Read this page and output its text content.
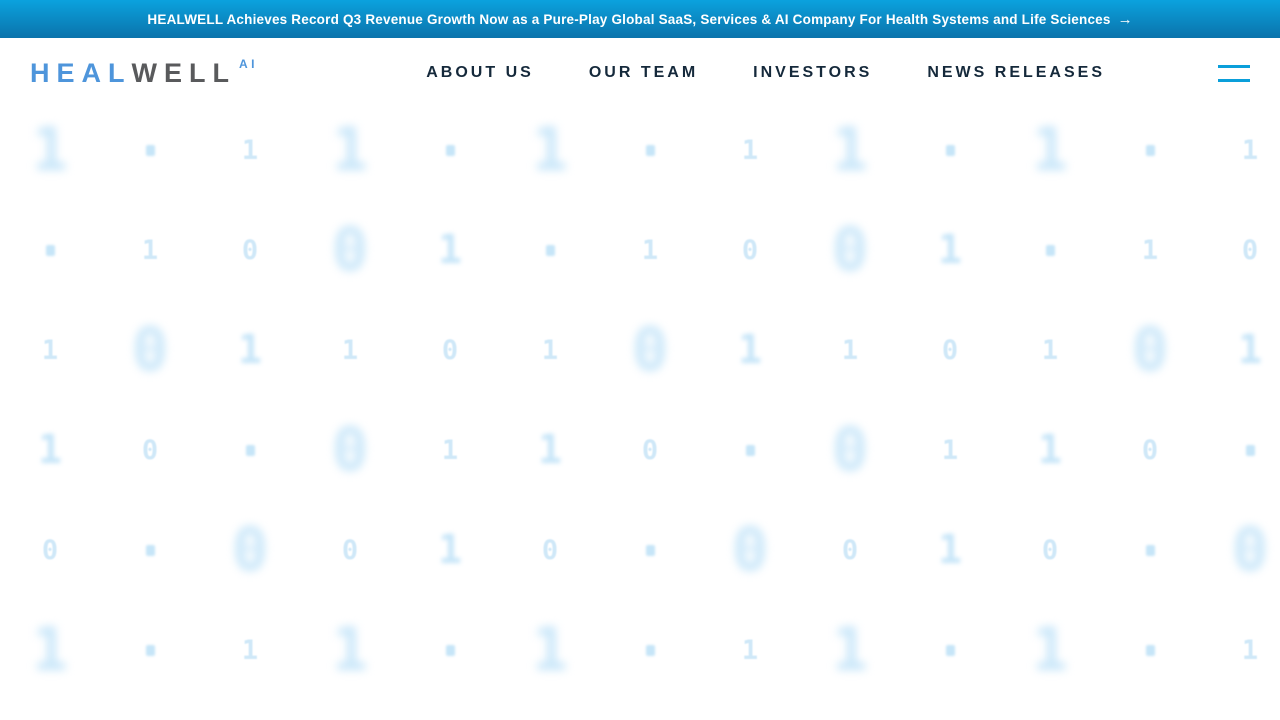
1	1 1	1	1 1	1	1
1	0 0 1	1	0 0 1	1	0
1 0 1	1	0	1 0 1	1	0	1 0 1
1	0	0	1 1	0	0	1 1	0
0	0	0 1	0	0	0 1	0	0
1	1 1	1	1 1	1	1
HEALWELL Achieves Record Q3 Revenue Growth Now as a Pure-Play Global SaaS, Services & AI Company For Health Systems and Life Sciences →
HEAL WELL AI	ABOUT US	OUR TEAM	INVESTORS	NEWS RELEASES
